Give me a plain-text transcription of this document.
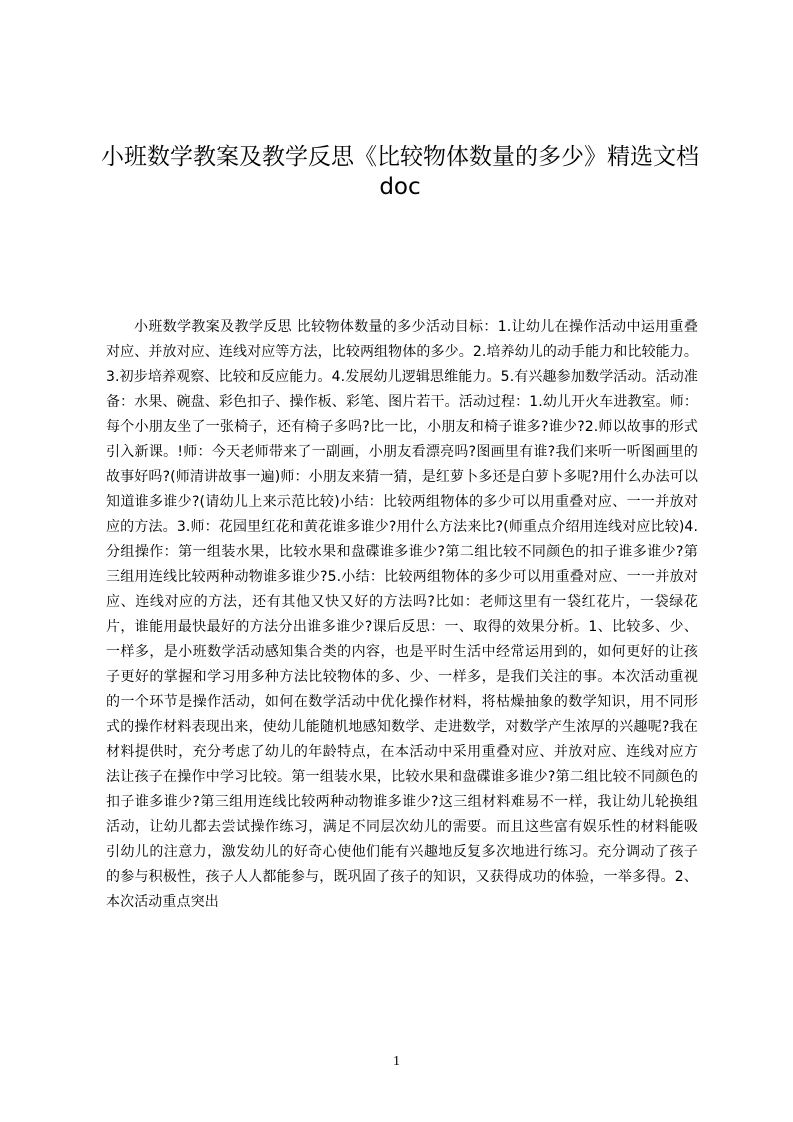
小班数学教案及教学反思《比较物体数量的多少》精选文档doc

小班数学教案及教学反思 比较物体数量的多少活动目标：1.让幼儿在操作活动中运用重叠对应、并放对应、连线对应等方法，比较两组物体的多少。2.培养幼儿的动手能力和比较能力。3.初步培养观察、比较和反应能力。4.发展幼儿逻辑思维能力。5.有兴趣参加数学活动。活动准备：水果、碗盘、彩色扣子、操作板、彩笔、图片若干。活动过程：1.幼儿开火车进教室。师：每个小朋友坐了一张椅子，还有椅子多吗?比一比，小朋友和椅子谁多?谁少?2.师以故事的形式引入新课。!师：今天老师带来了一副画，小朋友看漂亮吗?图画里有谁?我们来听一听图画里的故事好吗?(师清讲故事一遍)师：小朋友来猜一猜，是红萝卜多还是白萝卜多呢?用什么办法可以知道谁多谁少?(请幼儿上来示范比较)小结：比较两组物体的多少可以用重叠对应、一一并放对应的方法。3.师：花园里红花和黄花谁多谁少?用什么方法来比?(师重点介绍用连线对应比较)4.分组操作：第一组装水果，比较水果和盘碟谁多谁少?第二组比较不同颜色的扣子谁多谁少?第三组用连线比较两种动物谁多谁少?5.小结：比较两组物体的多少可以用重叠对应、一一并放对应、连线对应的方法，还有其他又快又好的方法吗?比如：老师这里有一袋红花片，一袋绿花片，谁能用最快最好的方法分出谁多谁少?课后反思：一、取得的效果分析。1、比较多、少、一样多，是小班数学活动感知集合类的内容，也是平时生活中经常运用到的，如何更好的让孩子更好的掌握和学习用多种方法比较物体的多、少、一样多，是我们关注的事。本次活动重视的一个环节是操作活动，如何在数学活动中优化操作材料，将枯燥抽象的数学知识，用不同形式的操作材料表现出来，使幼儿能随机地感知数学、走进数学，对数学产生浓厚的兴趣呢?我在材料提供时，充分考虑了幼儿的年龄特点，在本活动中采用重叠对应、并放对应、连线对应方法让孩子在操作中学习比较。第一组装水果，比较水果和盘碟谁多谁少?第二组比较不同颜色的扣子谁多谁少?第三组用连线比较两种动物谁多谁少?这三组材料难易不一样，我让幼儿轮换组活动，让幼儿都去尝试操作练习，满足不同层次幼儿的需要。而且这些富有娱乐性的材料能吸引幼儿的注意力，激发幼儿的好奇心使他们能有兴趣地反复多次地进行练习。充分调动了孩子的参与积极性，孩子人人都能参与，既巩固了孩子的知识，又获得成功的体验，一举多得。2、本次活动重点突出

1
